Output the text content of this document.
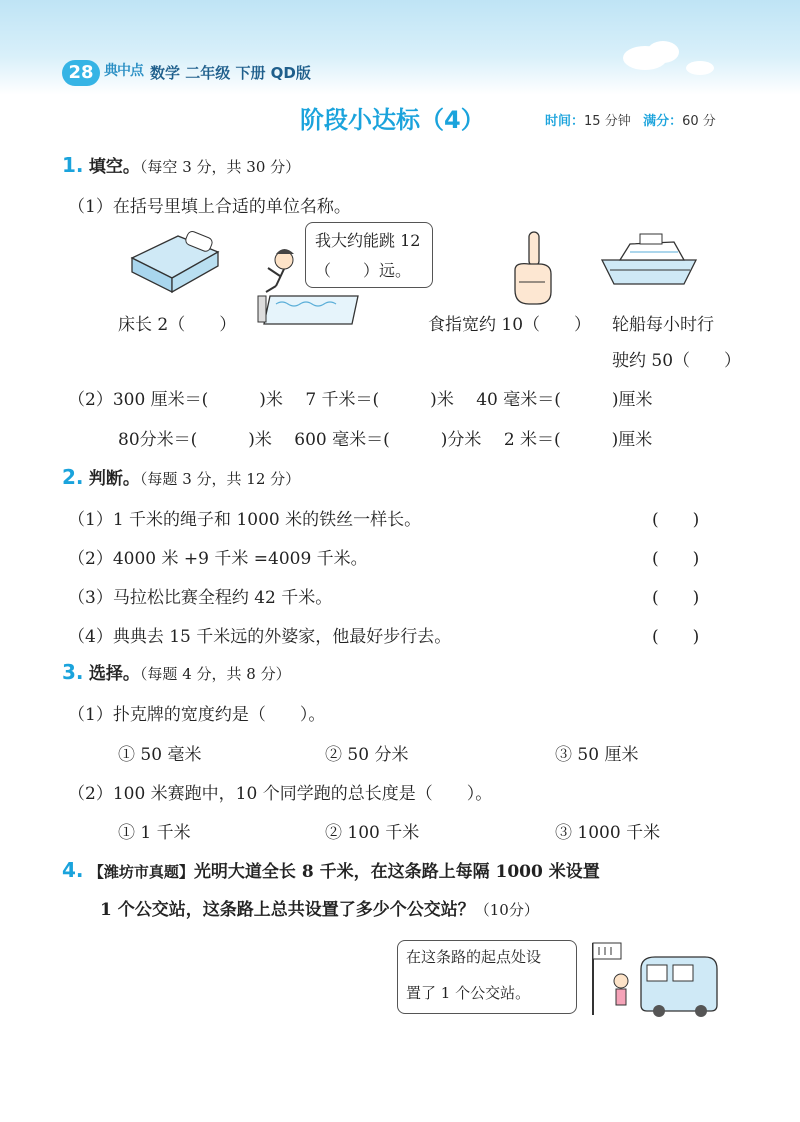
28 典中点 数学 二年级 下册 QD版
阶段小达标（4）	时间：15 分钟 满分：60 分
1. 填空。（每空 3 分，共 30 分）
（1）在括号里填上合适的单位名称。
床长 2（　　）
我大约能跳 12
（　　）远。
食指宽约 10（　　） 轮船每小时行
驶约 50（　　）
（2）300 厘米＝(　　　)米　 7 千米＝(　　　)米　 40 毫米＝(　　　)厘米
80分米＝(　　　)米　 600 毫米＝(　　　)分米　 2 米＝(　　　)厘米
2. 判断。（每题 3 分，共 12 分）
（1）1 千米的绳子和 1000 米的铁丝一样长。	(　　)
（2）4000 米 +9 千米 =4009 千米。	(　　)
（3）马拉松比赛全程约 42 千米。	(　　)
（4）典典去 15 千米远的外婆家，他最好步行去。	(　　)
3. 选择。（每题 4 分，共 8 分）
（1）扑克牌的宽度约是（　　）。
① 50 毫米	② 50 分米	③ 50 厘米
（2）100 米赛跑中，10 个同学跑的总长度是（　　）。
① 1 千米	② 100 千米	③ 1000 千米
4. 【潍坊市真题】光明大道全长 8 千米，在这条路上每隔 1000 米设置
1 个公交站，这条路上总共设置了多少个公交站？（10分）
在这条路的起点处设
置了 1 个公交站。
